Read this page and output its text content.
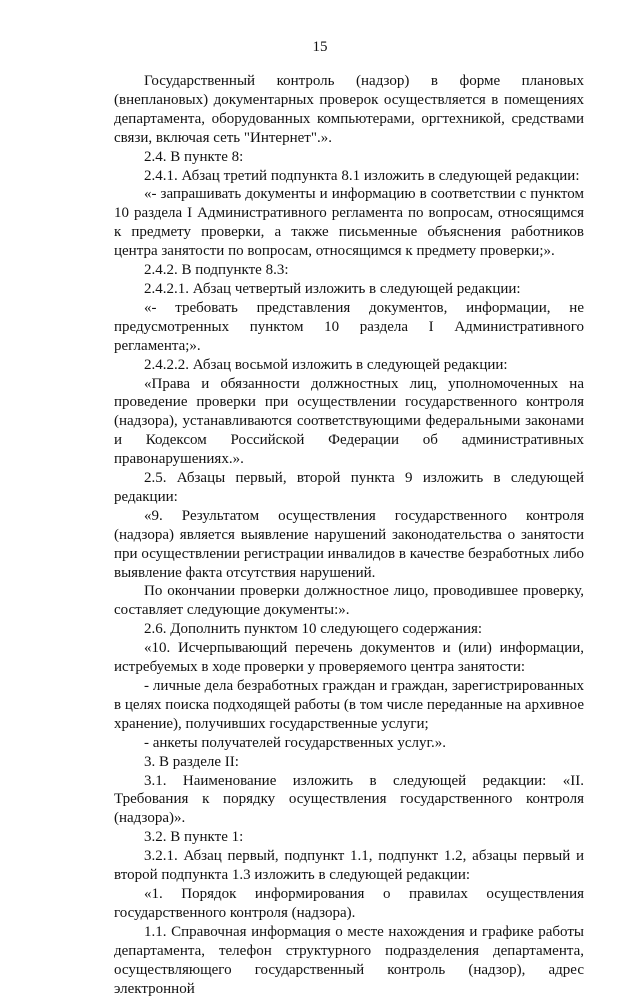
15

Государственный контроль (надзор) в форме плановых (внеплановых) документарных проверок осуществляется в помещениях департамента, оборудованных компьютерами, оргтехникой, средствами связи, включая сеть "Интернет".».

2.4. В пункте 8:

2.4.1. Абзац третий подпункта 8.1 изложить в следующей редакции:

«- запрашивать документы и информацию в соответствии с пунктом 10 раздела I Административного регламента по вопросам, относящимся к предмету проверки, а также письменные объяснения работников центра занятости по вопросам, относящимся к предмету проверки;».

2.4.2. В подпункте 8.3:

2.4.2.1. Абзац четвертый изложить в следующей редакции:

«- требовать представления документов, информации, не предусмотренных пунктом 10 раздела I Административного регламента;».

2.4.2.2. Абзац восьмой изложить в следующей редакции:

«Права и обязанности должностных лиц, уполномоченных на проведение проверки при осуществлении государственного контроля (надзора), устанавливаются соответствующими федеральными законами и Кодексом Российской Федерации об административных правонарушениях.».

2.5. Абзацы первый, второй пункта 9 изложить в следующей редакции:

«9. Результатом осуществления государственного контроля (надзора) является выявление нарушений законодательства о занятости при осуществлении регистрации инвалидов в качестве безработных либо выявление факта отсутствия нарушений.

По окончании проверки должностное лицо, проводившее проверку, составляет следующие документы:».

2.6. Дополнить пунктом 10 следующего содержания:

«10. Исчерпывающий перечень документов и (или) информации, истребуемых в ходе проверки у проверяемого центра занятости:

- личные дела безработных граждан и граждан, зарегистрированных в целях поиска подходящей работы (в том числе переданные на архивное хранение), получивших государственные услуги;

- анкеты получателей государственных услуг.».

3. В разделе II:

3.1. Наименование изложить в следующей редакции: «II. Требования к порядку осуществления государственного контроля (надзора)».

3.2. В пункте 1:

3.2.1. Абзац первый, подпункт 1.1, подпункт 1.2, абзацы первый и второй подпункта 1.3 изложить в следующей редакции:

«1. Порядок информирования о правилах осуществления государственного контроля (надзора).

1.1. Справочная информация о месте нахождения и графике работы департамента, телефон структурного подразделения департамента, осуществляющего государственный контроль (надзор), адрес электронной
